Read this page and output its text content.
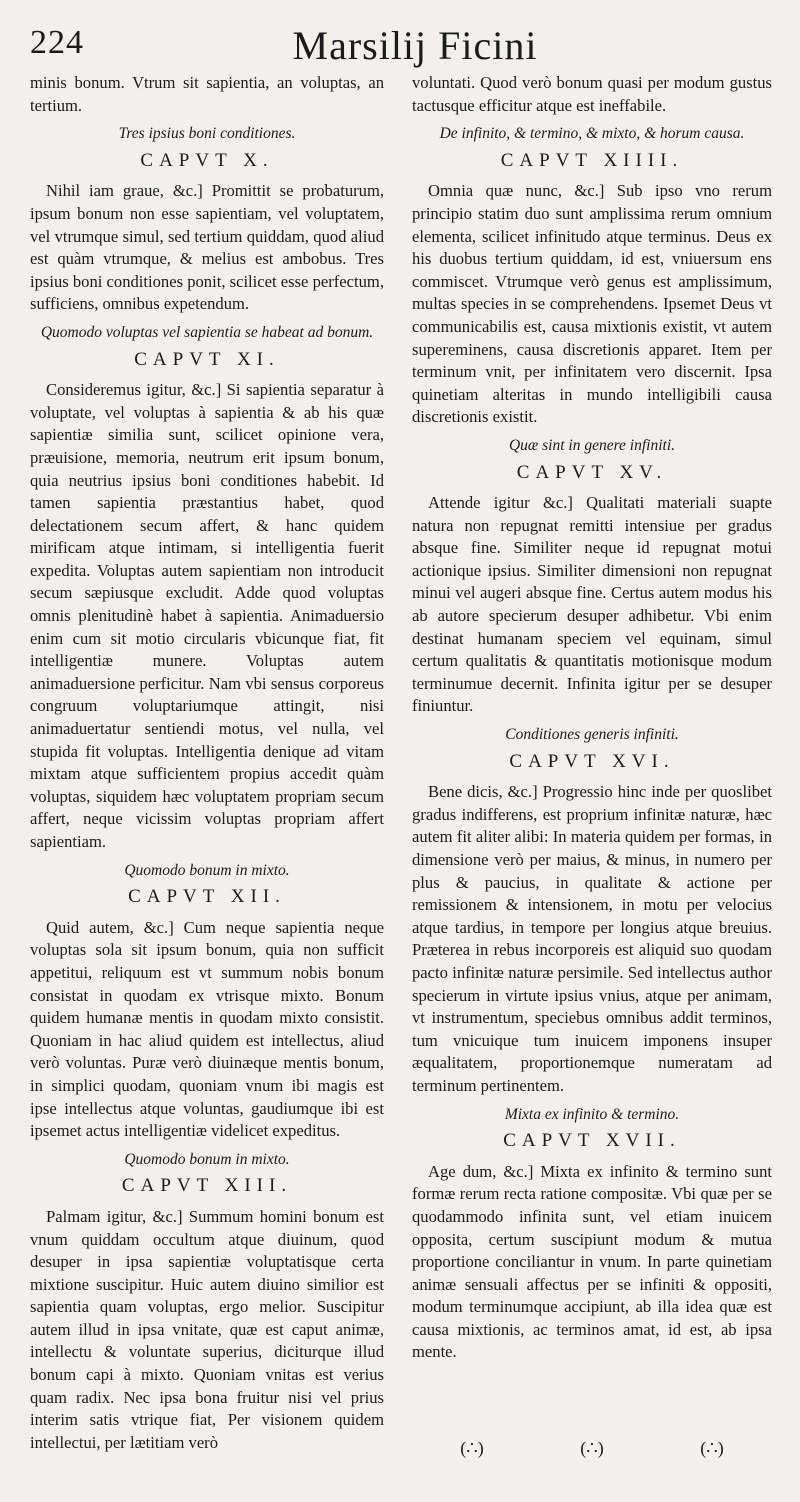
224	Marsilij Ficini

minis bonum. Vtrum sit sapientia, an voluptas, an tertium.

Tres ipsius boni conditiones.
CAPVT X.

Nihil iam graue, &c.] Promittit se probaturum, ipsum bonum non esse sapientiam, vel voluptatem, vel vtrumque simul, sed tertium quiddam, quod aliud est quàm vtrumque, & melius est ambobus. Tres ipsius boni conditiones ponit, scilicet esse perfectum, sufficiens, omnibus expetendum.

Quomodo voluptas vel sapientia se habeat ad bonum.
CAPVT XI.

Consideremus igitur, &c.] Si sapientia separatur à voluptate, vel voluptas à sapientia & ab his quæ sapientiæ similia sunt, scilicet opinione vera, præuisione, memoria, neutrum erit ipsum bonum, quia neutrius ipsius boni conditiones habebit. Id tamen sapientia præstantius habet, quod delectationem secum affert, & hanc quidem mirificam atque intimam, si intelligentia fuerit expedita. Voluptas autem sapientiam non introducit secum sæpiusque excludit. Adde quod voluptas omnis plenitudinè habet à sapientia. Animaduersio enim cum sit motio circularis vbicunque fiat, fit intelligentiæ munere. Voluptas autem animaduersione perficitur. Nam vbi sensus corporeus congruum voluptariumque attingit, nisi animaduertatur sentiendi motus, vel nulla, vel stupida fit voluptas. Intelligentia denique ad vitam mixtam atque sufficientem propius accedit quàm voluptas, siquidem hæc voluptatem propriam secum affert, neque vicissim voluptas propriam affert sapientiam.

Quomodo bonum in mixto.
CAPVT XII.

Quid autem, &c.] Cum neque sapientia neque voluptas sola sit ipsum bonum, quia non sufficit appetitui, reliquum est vt summum nobis bonum consistat in quodam ex vtrisque mixto. Bonum quidem humanæ mentis in quodam mixto consistit. Quoniam in hac aliud quidem est intellectus, aliud verò voluntas. Puræ verò diuinæque mentis bonum, in simplici quodam, quoniam vnum ibi magis est ipse intellectus atque voluntas, gaudiumque ibi est ipsemet actus intelligentiæ videlicet expeditus.

Quomodo bonum in mixto.
CAPVT XIII.

Palmam igitur, &c.] Summum homini bonum est vnum quiddam occultum atque diuinum, quod desuper in ipsa sapientiæ voluptatisque certa mixtione suscipitur. Huic autem diuino similior est sapientia quam voluptas, ergo melior. Suscipitur autem illud in ipsa vnitate, quæ est caput animæ, intellectu & voluntate superius, diciturque illud bonum capi à mixto. Quoniam vnitas est verius quam radix. Nec ipsa bona fruitur nisi vel prius interim satis vtrique fiat, Per visionem quidem intellectui, per lætitiam verò

voluntati. Quod verò bonum quasi per modum gustus tactusque efficitur atque est ineffabile.

De infinito, & termino, & mixto, & horum causa.
CAPVT XIIII.

Omnia quæ nunc, &c.] Sub ipso vno rerum principio statim duo sunt amplissima rerum omnium elementa, scilicet infinitudo atque terminus. Deus ex his duobus tertium quiddam, id est, vniuersum ens commiscet. Vtrumque verò genus est amplissimum, multas species in se comprehendens. Ipsemet Deus vt communicabilis est, causa mixtionis existit, vt autem supereminens, causa discretionis apparet. Item per terminum vnit, per infinitatem vero discernit. Ipsa quinetiam alteritas in mundo intelligibili causa discretionis existit.

Quæ sint in genere infiniti.
CAPVT XV.

Attende igitur &c.] Qualitati materiali suapte natura non repugnat remitti intensiue per gradus absque fine. Similiter neque id repugnat motui actionique ipsius. Similiter dimensioni non repugnat minui vel augeri absque fine. Certus autem modus his ab autore specierum desuper adhibetur. Vbi enim destinat humanam speciem vel equinam, simul certum qualitatis & quantitatis motionisque modum terminumue decernit. Infinita igitur per se desuper finiuntur.

Conditiones generis infiniti.
CAPVT XVI.

Bene dicis, &c.] Progressio hinc inde per quoslibet gradus indifferens, est proprium infinitæ naturæ, hæc autem fit aliter alibi: In materia quidem per formas, in dimensione verò per maius, & minus, in numero per plus & paucius, in qualitate & actione per remissionem & intensionem, in motu per velocius atque tardius, in tempore per longius atque breuius. Præterea in rebus incorporeis est aliquid suo quodam pacto infinitæ naturæ persimile. Sed intellectus author specierum in virtute ipsius vnius, atque per animam, vt instrumentum, speciebus omnibus addit terminos, tum vnicuique tum inuicem imponens insuper æqualitatem, proportionemque numeratam ad terminum pertinentem.

Mixta ex infinito & termino.
CAPVT XVII.

Age dum, &c.] Mixta ex infinito & termino sunt formæ rerum recta ratione compositæ. Vbi quæ per se quodammodo infinita sunt, vel etiam inuicem opposita, certum suscipiunt modum & mutua proportione conciliantur in vnum. In parte quinetiam animæ sensuali affectus per se infiniti & oppositi, modum terminumque accipiunt, ab illa idea quæ est causa mixtionis, ac terminos amat, id est, ab ipsa mente.

(∴)	(∴)	(∴)
